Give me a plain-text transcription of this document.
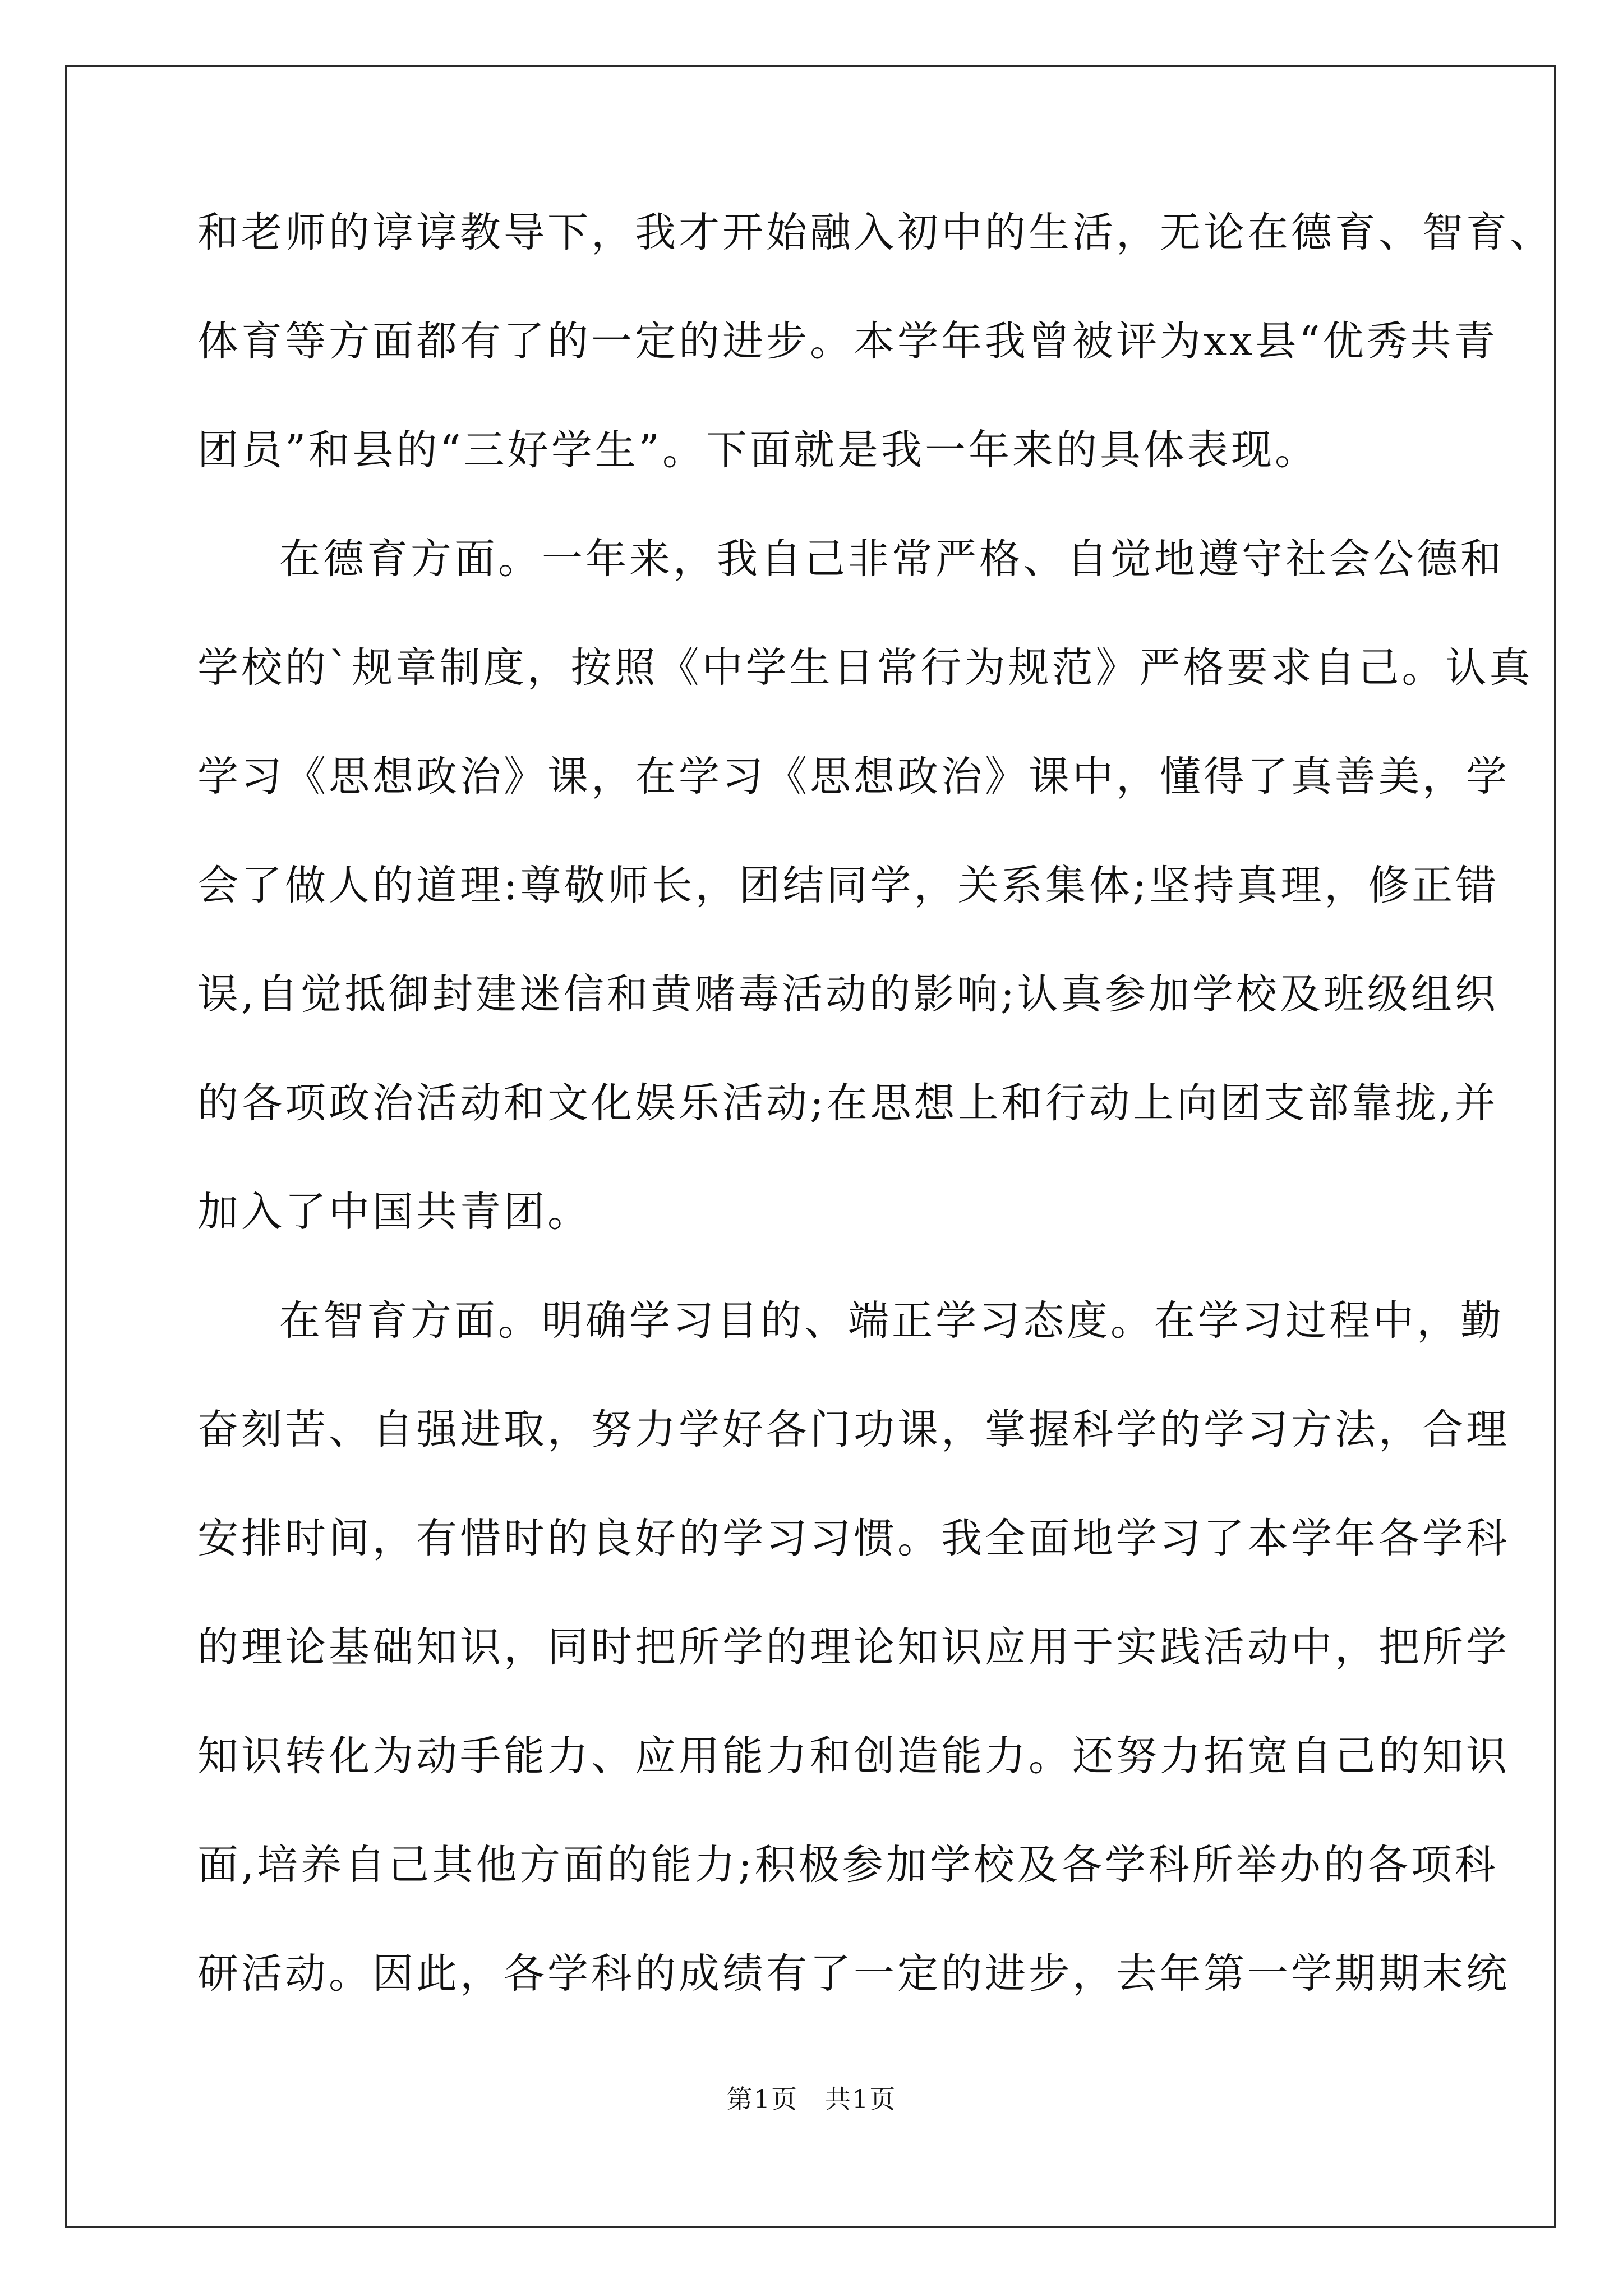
和老师的谆谆教导下，我才开始融入初中的生活，无论在德育、智育、
体育等方面都有了的一定的进步。本学年我曾被评为xx县“优秀共青
团员”和县的“三好学生”。下面就是我一年来的具体表现。
在德育方面。一年来，我自己非常严格、自觉地遵守社会公德和
学校的`规章制度，按照《中学生日常行为规范》严格要求自己。认真
学习《思想政治》课，在学习《思想政治》课中，懂得了真善美，学
会了做人的道理:尊敬师长，团结同学，关系集体;坚持真理，修正错
误,自觉抵御封建迷信和黄赌毒活动的影响;认真参加学校及班级组织
的各项政治活动和文化娱乐活动;在思想上和行动上向团支部靠拢,并
加入了中国共青团。
在智育方面。明确学习目的、端正学习态度。在学习过程中，勤
奋刻苦、自强进取，努力学好各门功课，掌握科学的学习方法，合理
安排时间，有惜时的良好的学习习惯。我全面地学习了本学年各学科
的理论基础知识，同时把所学的理论知识应用于实践活动中，把所学
知识转化为动手能力、应用能力和创造能力。还努力拓宽自己的知识
面,培养自己其他方面的能力;积极参加学校及各学科所举办的各项科
研活动。因此，各学科的成绩有了一定的进步，去年第一学期期末统
第1页　共1页
